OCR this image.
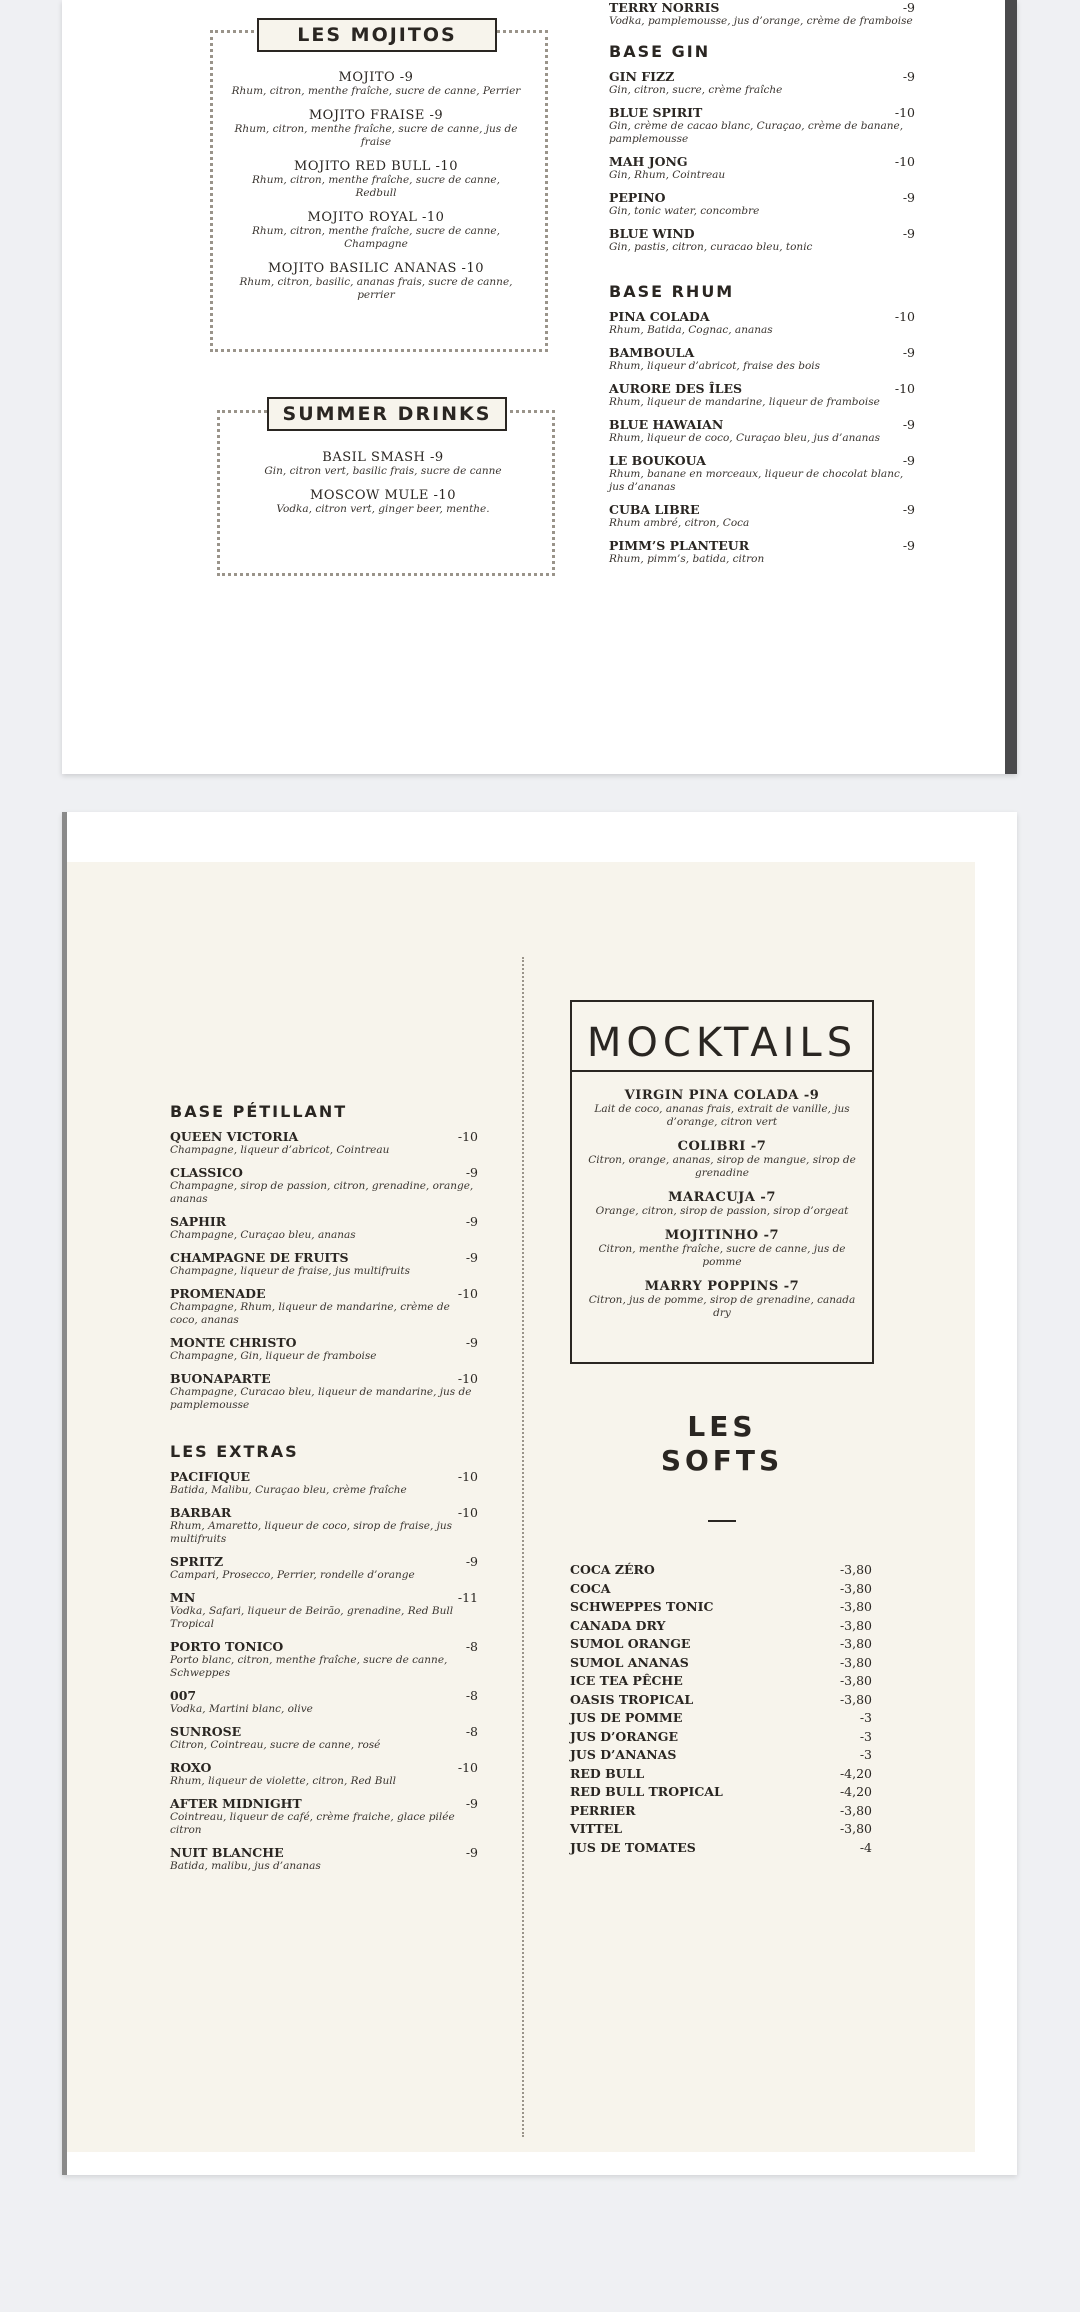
LES MOJITOS
MOJITO -9
Rhum, citron, menthe fraîche, sucre de canne, Perrier
MOJITO FRAISE -9
Rhum, citron, menthe fraîche, sucre de canne, jus de fraise
MOJITO RED BULL -10
Rhum, citron, menthe fraîche, sucre de canne, Redbull
MOJITO ROYAL -10
Rhum, citron, menthe fraîche, sucre de canne, Champagne
MOJITO BASILIC ANANAS -10
Rhum, citron, basilic, ananas frais, sucre de canne, perrier
SUMMER DRINKS
BASIL SMASH -9
Gin, citron vert, basilic frais, sucre de canne
MOSCOW MULE -10
Vodka, citron vert, ginger beer, menthe.
TERRY NORRIS	-9
Vodka, pamplemousse, jus d’orange, crème de framboise
BASE GIN
GIN FIZZ	-9
Gin, citron, sucre, crème fraîche
BLUE SPIRIT	-10
Gin, crème de cacao blanc, Curaçao, crème de banane, pamplemousse
MAH JONG	-10
Gin, Rhum, Cointreau
PEPINO	-9
Gin, tonic water, concombre
BLUE WIND	-9
Gin, pastis, citron, curacao bleu, tonic
BASE RHUM
PINA COLADA	-10
Rhum, Batida, Cognac, ananas
BAMBOULA	-9
Rhum, liqueur d’abricot, fraise des bois
AURORE DES ÎLES	-10
Rhum, liqueur de mandarine, liqueur de framboise
BLUE HAWAIAN	-9
Rhum, liqueur de coco, Curaçao bleu, jus d’ananas
LE BOUKOUA	-9
Rhum, banane en morceaux, liqueur de chocolat blanc, jus d’ananas
CUBA LIBRE	-9
Rhum ambré, citron, Coca
PIMM’S PLANTEUR	-9
Rhum, pimm’s, batida, citron
BASE PÉTILLANT
QUEEN VICTORIA	-10
Champagne, liqueur d’abricot, Cointreau
CLASSICO	-9
Champagne, sirop de passion, citron, grenadine, orange, ananas
SAPHIR	-9
Champagne, Curaçao bleu, ananas
CHAMPAGNE DE FRUITS	-9
Champagne, liqueur de fraise, jus multifruits
PROMENADE	-10
Champagne, Rhum, liqueur de mandarine, crème de coco, ananas
MONTE CHRISTO	-9
Champagne, Gin, liqueur de framboise
BUONAPARTE	-10
Champagne, Curacao bleu, liqueur de mandarine, jus de pamplemousse
LES EXTRAS
PACIFIQUE	-10
Batida, Malibu, Curaçao bleu, crème fraîche
BARBAR	-10
Rhum, Amaretto, liqueur de coco, sirop de fraise, jus multifruits
SPRITZ	-9
Campari, Prosecco, Perrier, rondelle d’orange
MN	-11
Vodka, Safari, liqueur de Beirão, grenadine, Red Bull Tropical
PORTO TONICO	-8
Porto blanc, citron, menthe fraîche, sucre de canne, Schweppes
007	-8
Vodka, Martini blanc, olive
SUNROSE	-8
Citron, Cointreau, sucre de canne, rosé
ROXO	-10
Rhum, liqueur de violette, citron, Red Bull
AFTER MIDNIGHT	-9
Cointreau, liqueur de café, crème fraiche, glace pilée citron
NUIT BLANCHE	-9
Batida, malibu, jus d’ananas
MOCKTAILS
VIRGIN PINA COLADA -9
Lait de coco, ananas frais, extrait de vanille, jus d’orange, citron vert
COLIBRI -7
Citron, orange, ananas, sirop de mangue, sirop de grenadine
MARACUJA -7
Orange, citron, sirop de passion, sirop d’orgeat
MOJITINHO -7
Citron, menthe fraîche, sucre de canne, jus de pomme
MARRY POPPINS -7
Citron, jus de pomme, sirop de grenadine, canada dry
LES
SOFTS
COCA ZÉRO	-3,80
COCA	-3,80
SCHWEPPES TONIC	-3,80
CANADA DRY	-3,80
SUMOL ORANGE	-3,80
SUMOL ANANAS	-3,80
ICE TEA PÊCHE	-3,80
OASIS TROPICAL	-3,80
JUS DE POMME	-3
JUS D’ORANGE	-3
JUS D’ANANAS	-3
RED BULL	-4,20
RED BULL TROPICAL	-4,20
PERRIER	-3,80
VITTEL	-3,80
JUS DE TOMATES	-4
